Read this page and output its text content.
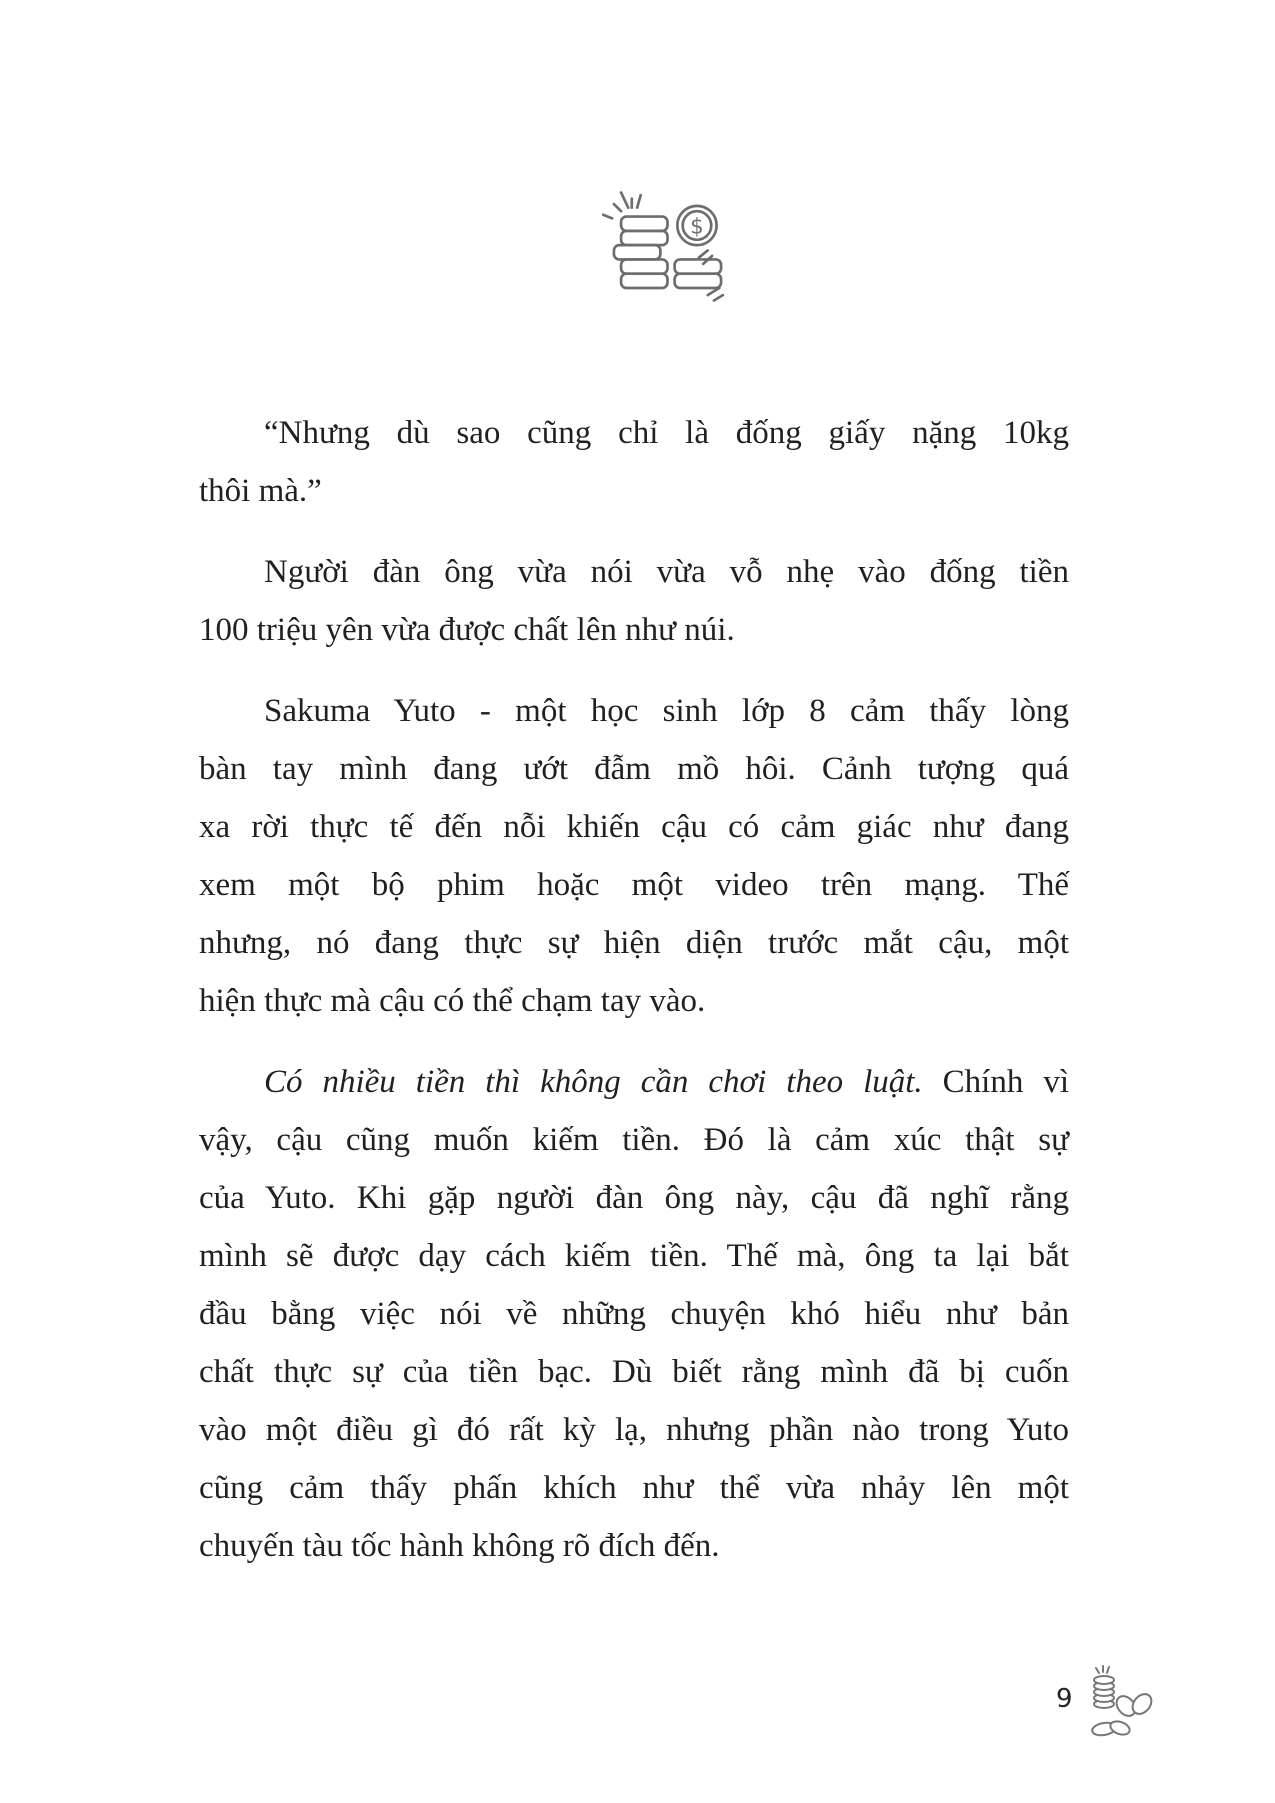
$

“Nhưng dù sao cũng chỉ là đống giấy nặng 10kg
thôi mà.”

Người đàn ông vừa nói vừa vỗ nhẹ vào đống tiền
100 triệu yên vừa được chất lên như núi.

Sakuma Yuto - một học sinh lớp 8 cảm thấy lòng
bàn tay mình đang ướt đẫm mồ hôi. Cảnh tượng quá
xa rời thực tế đến nỗi khiến cậu có cảm giác như đang
xem một bộ phim hoặc một video trên mạng. Thế
nhưng, nó đang thực sự hiện diện trước mắt cậu, một
hiện thực mà cậu có thể chạm tay vào.

Có nhiều tiền thì không cần chơi theo luật. Chính vì
vậy, cậu cũng muốn kiếm tiền. Đó là cảm xúc thật sự
của Yuto. Khi gặp người đàn ông này, cậu đã nghĩ rằng
mình sẽ được dạy cách kiếm tiền. Thế mà, ông ta lại bắt
đầu bằng việc nói về những chuyện khó hiểu như bản
chất thực sự của tiền bạc. Dù biết rằng mình đã bị cuốn
vào một điều gì đó rất kỳ lạ, nhưng phần nào trong Yuto
cũng cảm thấy phấn khích như thể vừa nhảy lên một
chuyến tàu tốc hành không rõ đích đến.

9
